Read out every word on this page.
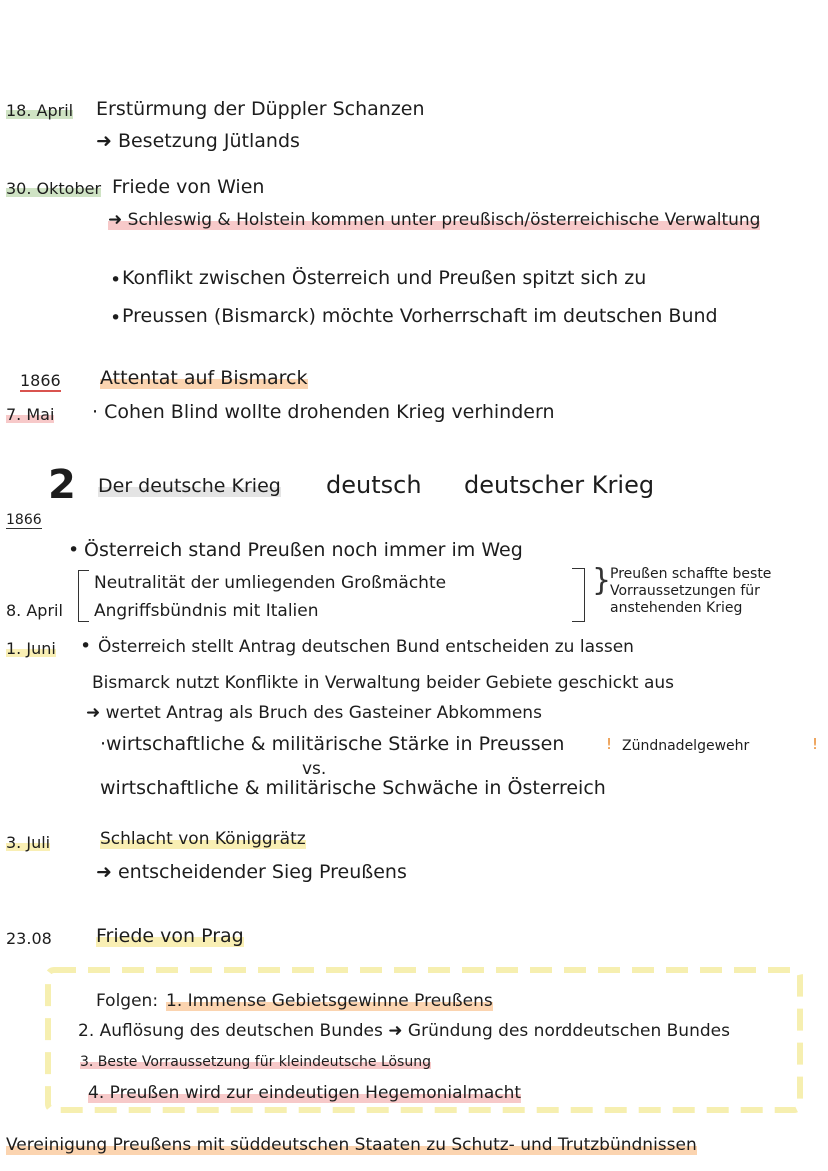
18. April Erstürmung der Düppler Schanzen
➜ Besetzung Jütlands
30. Oktober Friede von Wien
➜ Schleswig & Holstein kommen unter preußisch/österreichische Verwaltung
• Konflikt zwischen Österreich und Preußen spitzt sich zu
• Preussen (Bismarck) möchte Vorherrschaft im deutschen Bund
1866 Attentat auf Bismarck
7. Mai · Cohen Blind wollte drohenden Krieg verhindern
2 Der deutsche Krieg deutsch deutscher Krieg
1866
• Österreich stand Preußen noch immer im Weg
Neutralität der umliegenden Großmächte
8. April Angriffsbündnis mit Italien
}
Preußen schaffte beste
Vorraussetzungen für
anstehenden Krieg
1. Juni • Österreich stellt Antrag deutschen Bund entscheiden zu lassen
Bismarck nutzt Konflikte in Verwaltung beider Gebiete geschickt aus
➜ wertet Antrag als Bruch des Gasteiner Abkommens
·wirtschaftliche & militärische Stärke in Preussen	! Zündnadelgewehr	!
vs.
wirtschaftliche & militärische Schwäche in Österreich
3. Juli	Schlacht von Königgrätz
➜ entscheidender Sieg Preußens
23.08 Friede von Prag
Folgen: 1. Immense Gebietsgewinne Preußens
2. Auflösung des deutschen Bundes ➜ Gründung des norddeutschen Bundes
3. Beste Vorraussetzung für kleindeutsche Lösung
4. Preußen wird zur eindeutigen Hegemonialmacht
Vereinigung Preußens mit süddeutschen Staaten zu Schutz- und Trutzbündnissen
